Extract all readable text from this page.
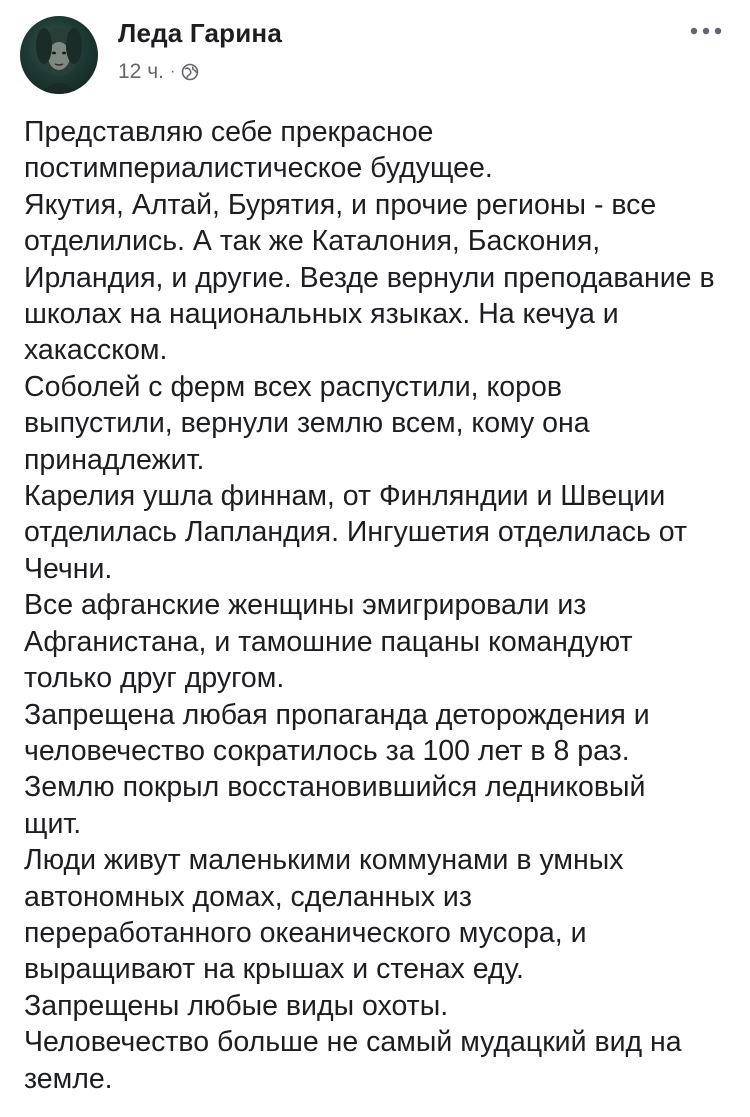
Леда Гарина
12 ч. ·
Представляю себе прекрасное
постимпериалистическое будущее.
Якутия, Алтай, Бурятия, и прочие регионы - все
отделились. А так же Каталония, Баскония,
Ирландия, и другие. Везде вернули преподавание в
школах на национальных языках. На кечуа и
хакасском.
Соболей с ферм всех распустили, коров
выпустили, вернули землю всем, кому она
принадлежит.
Карелия ушла финнам, от Финляндии и Швеции
отделилась Лапландия. Ингушетия отделилась от
Чечни.
Все афганские женщины эмигрировали из
Афганистана, и тамошние пацаны командуют
только друг другом.
Запрещена любая пропаганда деторождения и
человечество сократилось за 100 лет в 8 раз.
Землю покрыл восстановившийся ледниковый
щит.
Люди живут маленькими коммунами в умных
автономных домах, сделанных из
переработанного океанического мусора, и
выращивают на крышах и стенах еду.
Запрещены любые виды охоты.
Человечество больше не самый мудацкий вид на
земле.
